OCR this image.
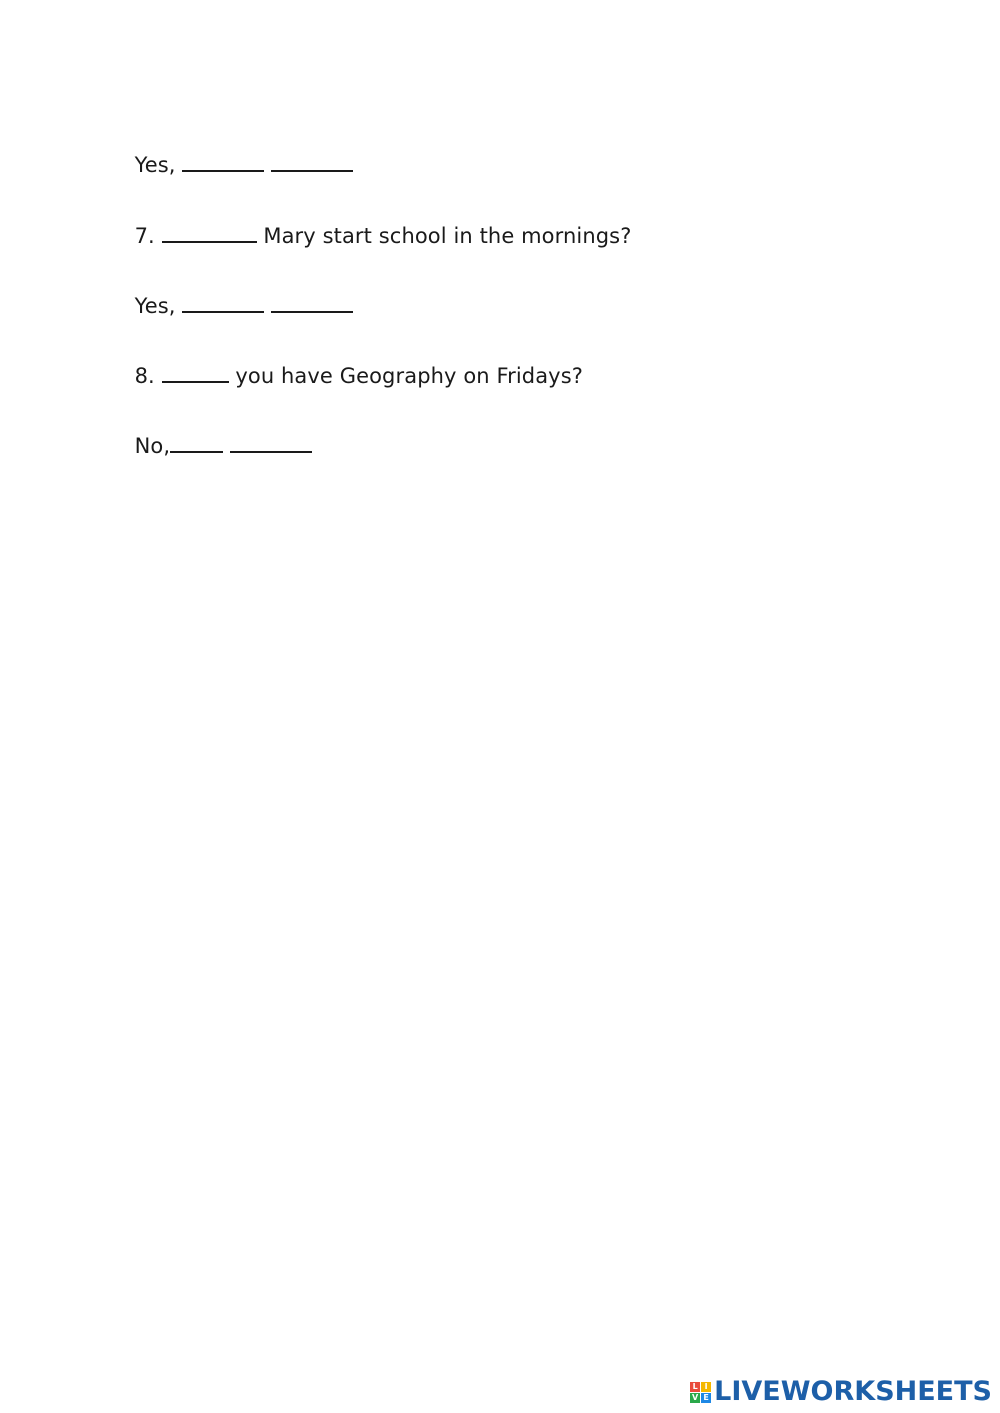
Yes,

7.	Mary start school in the mornings?

Yes,

8.	you have Geography on Fridays?

No,

L I
V E LIVEWORKSHEETS
